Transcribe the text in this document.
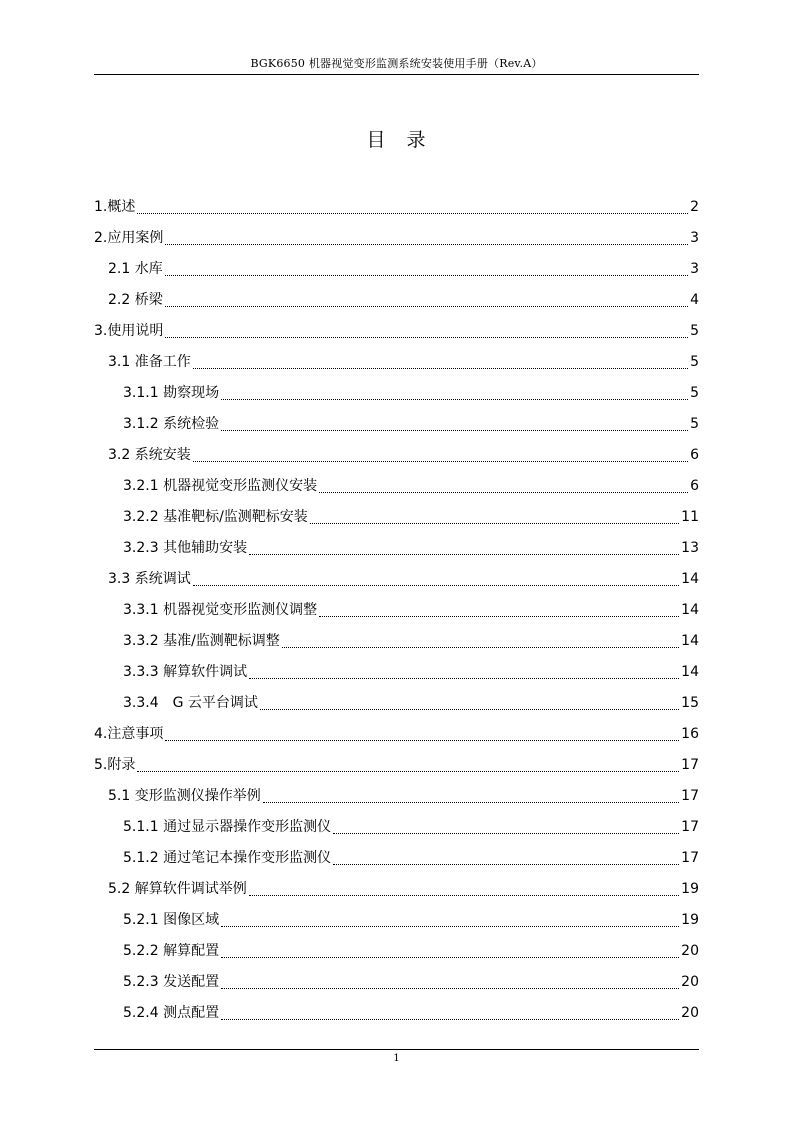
BGK6650 机器视觉变形监测系统安装使用手册（Rev.A）
目　录
1.概述	2
2.应用案例	3
2.1 水库	3
2.2 桥梁	4
3.使用说明	5
3.1 准备工作	5
3.1.1 勘察现场	5
3.1.2 系统检验	5
3.2 系统安装	6
3.2.1 机器视觉变形监测仪安装	6
3.2.2 基准靶标/监测靶标安装	11
3.2.3 其他辅助安装	13
3.3 系统调试	14
3.3.1 机器视觉变形监测仪调整	14
3.3.2 基准/监测靶标调整	14
3.3.3 解算软件调试	14
3.3.4　G 云平台调试	15
4.注意事项	16
5.附录	17
5.1 变形监测仪操作举例	17
5.1.1 通过显示器操作变形监测仪	17
5.1.2 通过笔记本操作变形监测仪	17
5.2 解算软件调试举例	19
5.2.1 图像区域	19
5.2.2 解算配置	20
5.2.3 发送配置	20
5.2.4 测点配置	20
1
